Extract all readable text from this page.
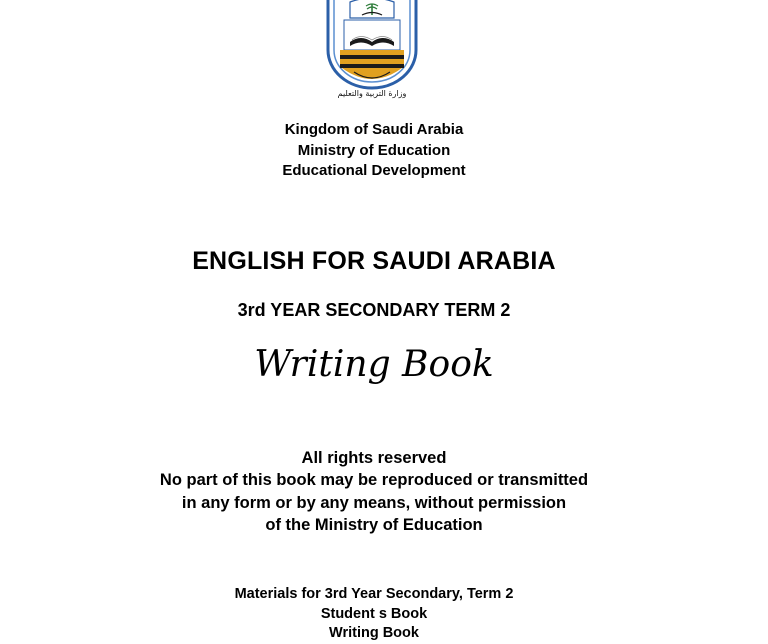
وزارة التربية والتعليم
Kingdom of Saudi Arabia
Ministry of Education
Educational Development
ENGLISH FOR SAUDI ARABIA
3rd YEAR SECONDARY TERM 2
Writing Book
All rights reserved
No part of this book may be reproduced or transmitted
in any form or by any means, without permission
of the Ministry of Education
Materials for 3rd Year Secondary, Term 2
Student s Book
Writing Book
